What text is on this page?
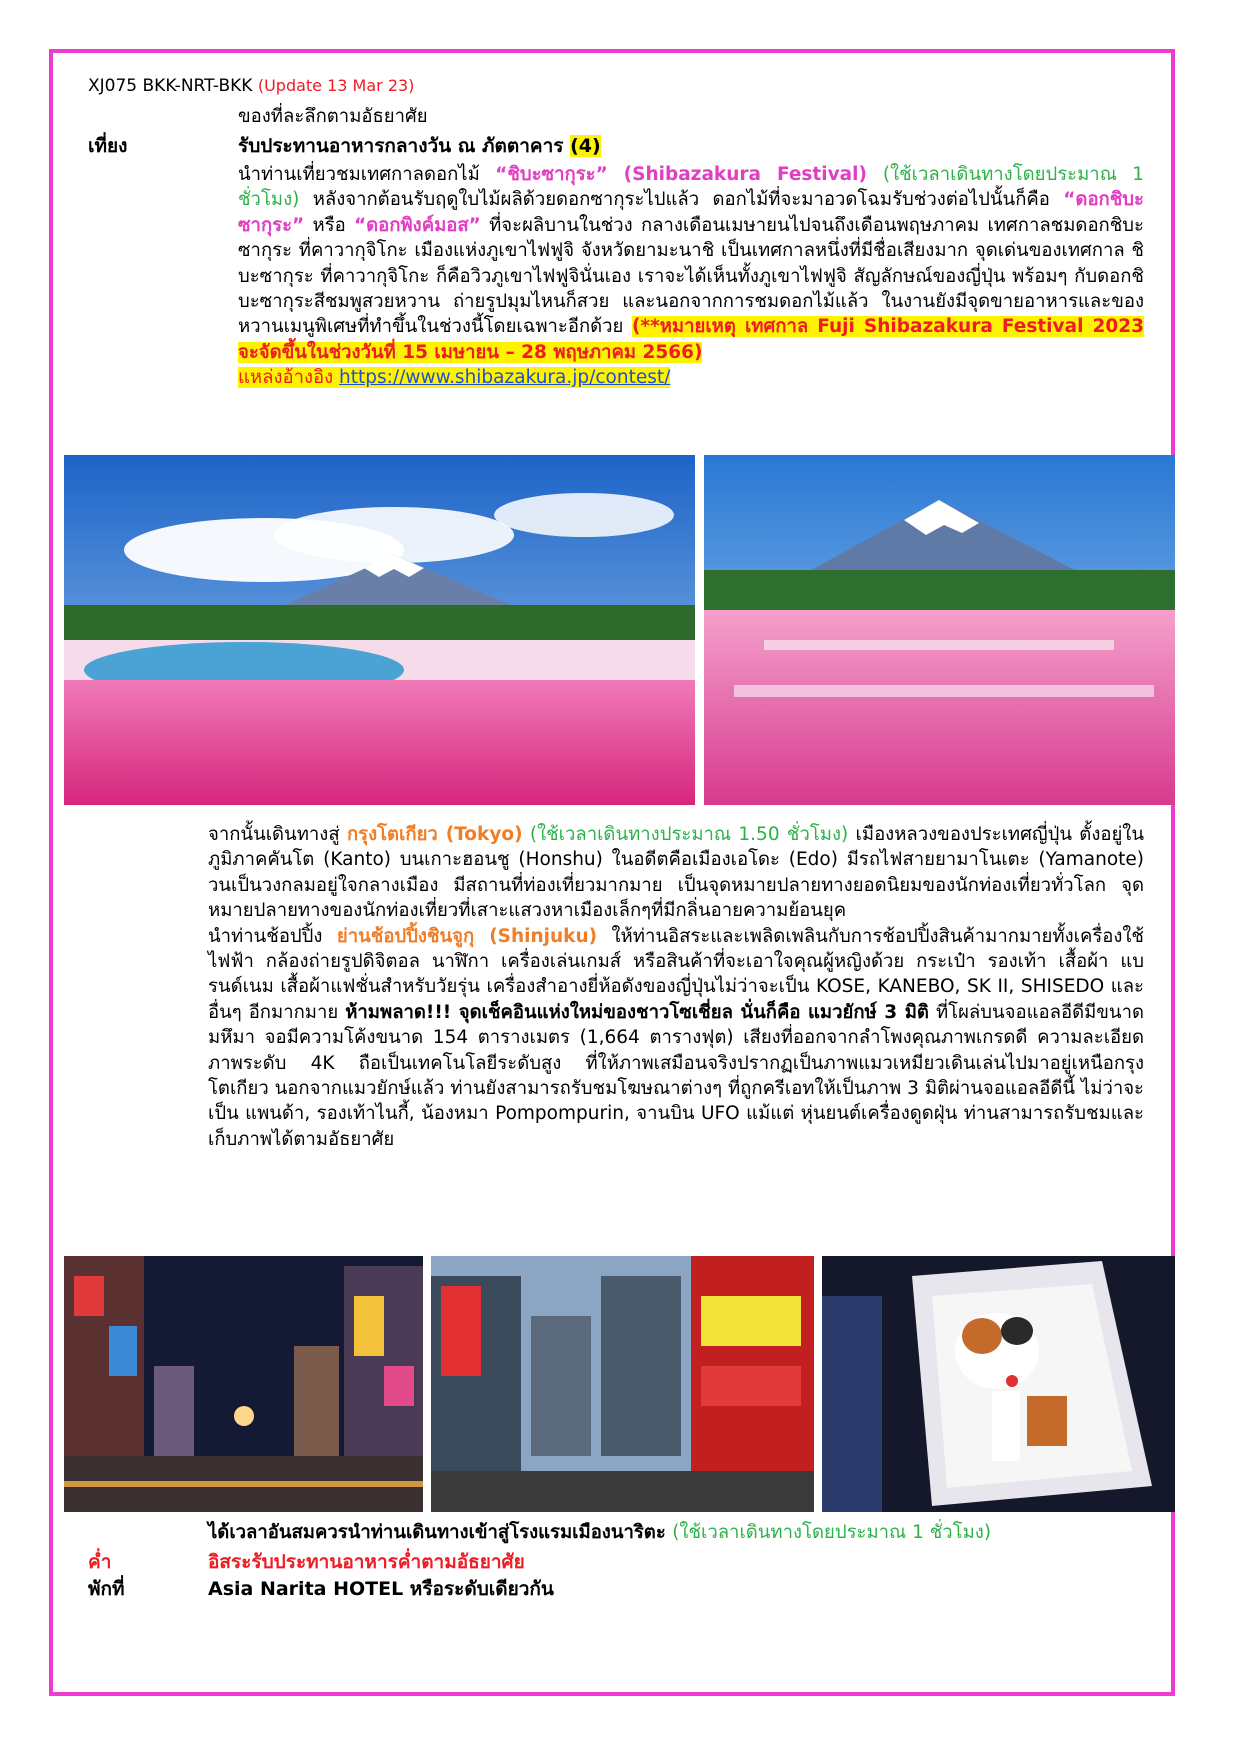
XJ075 BKK-NRT-BKK (Update 13 Mar 23)
ของที่ละลึกตามอัธยาศัย
เที่ยง	รับประทานอาหารกลางวัน ณ ภัตตาคาร (4)

นำท่านเที่ยวชมเทศกาลดอกไม้ “ชิบะซากุระ” (Shibazakura Festival) (ใช้เวลาเดินทางโดยประมาณ 1 ชั่วโมง) หลังจากต้อนรับฤดูใบไม้ผลิด้วยดอกซากุระไปแล้ว ดอกไม้ที่จะมาอวดโฉมรับช่วงต่อไปนั้นก็คือ “ดอกชิบะซากุระ” หรือ “ดอกพิงค์มอส” ที่จะผลิบานในช่วง กลางเดือนเมษายนไปจนถึงเดือนพฤษภาคม เทศกาลชมดอกชิบะซากุระ ที่คาวากุจิโกะ เมืองแห่งภูเขาไฟฟูจิ จังหวัดยามะนาชิ เป็นเทศกาลหนึ่งที่มีชื่อเสียงมาก จุดเด่นของเทศกาล ชิบะซากุระ ที่คาวากุจิโกะ ก็คือวิวภูเขาไฟฟูจินั่นเอง เราจะได้เห็นทั้งภูเขาไฟฟูจิ สัญลักษณ์ของญี่ปุ่น พร้อมๆ กับดอกชิบะซากุระสีชมพูสวยหวาน ถ่ายรูปมุมไหนก็สวย และนอกจากการชมดอกไม้แล้ว ในงานยังมีจุดขายอาหารและของหวานเมนูพิเศษที่ทำขึ้นในช่วงนี้โดยเฉพาะอีกด้วย (**หมายเหตุ เทศกาล Fuji Shibazakura Festival 2023 จะจัดขึ้นในช่วงวันที่ 15 เมษายน – 28 พฤษภาคม 2566)

แหล่งอ้างอิง https://www.shibazakura.jp/contest/

จากนั้นเดินทางสู่ กรุงโตเกียว (Tokyo) (ใช้เวลาเดินทางประมาณ 1.50 ชั่วโมง) เมืองหลวงของประเทศญี่ปุ่น ตั้งอยู่ในภูมิภาคคันโต (Kanto) บนเกาะฮอนชู (Honshu) ในอดีตคือเมืองเอโดะ (Edo) มีรถไฟสายยามาโนเตะ (Yamanote) วนเป็นวงกลมอยู่ใจกลางเมือง มีสถานที่ท่องเที่ยวมากมาย เป็นจุดหมายปลายทางยอดนิยมของนักท่องเที่ยวทั่วโลก จุดหมายปลายทางของนักท่องเที่ยวที่เสาะแสวงหาเมืองเล็กๆที่มีกลิ่นอายความย้อนยุค

นำท่านช้อปปิ้ง ย่านช้อปปิ้งชินจูกุ (Shinjuku) ให้ท่านอิสระและเพลิดเพลินกับการช้อปปิ้งสินค้ามากมายทั้งเครื่องใช้ไฟฟ้า กล้องถ่ายรูปดิจิตอล นาฬิกา เครื่องเล่นเกมส์ หรือสินค้าที่จะเอาใจคุณผู้หญิงด้วย กระเป๋า รองเท้า เสื้อผ้า แบรนด์เนม เสื้อผ้าแฟชั่นสำหรับวัยรุ่น เครื่องสำอางยี่ห้อดังของญี่ปุ่นไม่ว่าจะเป็น KOSE, KANEBO, SK II, SHISEDO และอื่นๆ อีกมากมาย ห้ามพลาด!!! จุดเช็คอินแห่งใหม่ของชาวโซเชี่ยล นั่นก็คือ แมวยักษ์ 3 มิติ ที่โผล่บนจอแอลอีดีมีขนาดมหึมา จอมีความโค้งขนาด 154 ตารางเมตร (1,664 ตารางฟุต) เสียงที่ออกจากลำโพงคุณภาพเกรดดี ความละเอียดภาพระดับ 4K ถือเป็นเทคโนโลยีระดับสูง ที่ให้ภาพเสมือนจริงปรากฏเป็นภาพแมวเหมียวเดินเล่นไปมาอยู่เหนือกรุงโตเกียว นอกจากแมวยักษ์แล้ว ท่านยังสามารถรับชมโฆษณาต่างๆ ที่ถูกครีเอทให้เป็นภาพ 3 มิติผ่านจอแอลอีดีนี้ ไม่ว่าจะเป็น แพนด้า, รองเท้าไนกี้, น้องหมา Pompompurin, จานบิน UFO แม้แต่ หุ่นยนต์เครื่องดูดฝุ่น ท่านสามารถรับชมและเก็บภาพได้ตามอัธยาศัย

ได้เวลาอันสมควรนำท่านเดินทางเข้าสู่โรงแรมเมืองนาริตะ (ใช้เวลาเดินทางโดยประมาณ 1 ชั่วโมง)
ค่ำ	อิสระรับประทานอาหารค่ำตามอัธยาศัย
พักที่	Asia Narita HOTEL หรือระดับเดียวกัน
